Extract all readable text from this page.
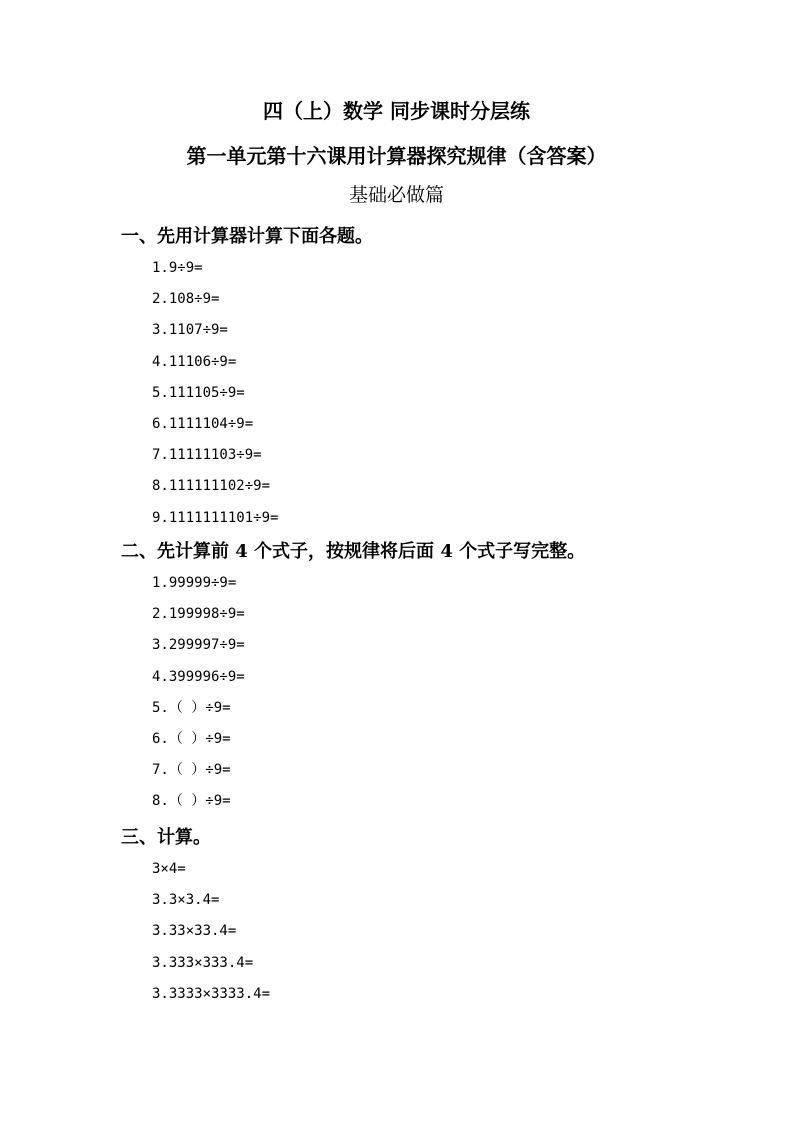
四（上）数学 同步课时分层练
第一单元第十六课用计算器探究规律（含答案）
基础必做篇
一、先用计算器计算下面各题。
1.9÷9=
2.108÷9=
3.1107÷9=
4.11106÷9=
5.111105÷9=
6.1111104÷9=
7.11111103÷9=
8.111111102÷9=
9.1111111101÷9=
二、先计算前 4 个式子，按规律将后面 4 个式子写完整。
1.99999÷9=
2.199998÷9=
3.299997÷9=
4.399996÷9=
5.（ ）÷9=
6.（ ）÷9=
7.（ ）÷9=
8.（ ）÷9=
三、计算。
3×4=
3.3×3.4=
3.33×33.4=
3.333×333.4=
3.3333×3333.4=
